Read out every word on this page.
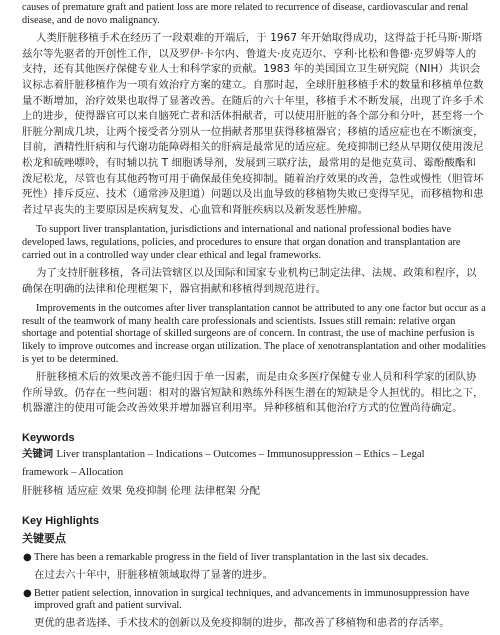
causes of premature graft and patient loss are more related to recurrence of disease, cardiovascular and renal disease, and de novo malignancy.

人类肝脏移植手术在经历了一段艰难的开端后，于 1967 年开始取得成功，这得益于托马斯·斯塔兹尔等先驱者的开创性工作，以及罗伊·卡尔内、鲁道夫·皮克迈尔、亨利·比松和鲁德·克罗姆等人的支持，还有其他医疗保健专业人士和科学家的贡献。1983 年的美国国立卫生研究院（NIH）共识会议标志着肝脏移植作为一项有效治疗方案的建立。自那时起，全球肝脏移植手术的数量和移植单位数量不断增加，治疗效果也取得了显著改善。在随后的六十年里，移植手术不断发展，出现了许多手术上的进步，使得器官可以来自脑死亡者和活体捐献者，可以使用肝脏的各个部分和分叶，甚至将一个肝脏分割成几块，让两个接受者分别从一位捐献者那里获得移植器官；移植的适应症也在不断演变，目前，酒精性肝病和与代谢功能障碍相关的肝病是最常见的适应症。免疫抑制已经从早期仅使用泼尼松龙和硫唑嘌呤，有时辅以抗 T 细胞诱导剂，发展到三联疗法，最常用的是他克莫司、霉酚酸酯和泼尼松龙，尽管也有其他药物可用于确保最佳免疫抑制。随着治疗效果的改善，急性或慢性（胆管坏死性）排斥反应、技术（通常涉及胆道）问题以及出血导致的移植物失败已变得罕见，而移植物和患者过早丧失的主要原因是疾病复发、心血管和肾脏疾病以及新发恶性肿瘤。

To support liver transplantation, jurisdictions and international and national professional bodies have developed laws, regulations, policies, and procedures to ensure that organ donation and transplantation are carried out in a controlled way under clear ethical and legal frameworks.

为了支持肝脏移植，各司法管辖区以及国际和国家专业机构已制定法律、法规、政策和程序，以确保在明确的法律和伦理框架下，器官捐献和移植得到规范进行。

Improvements in the outcomes after liver transplantation cannot be attributed to any one factor but occur as a result of the teamwork of many health care professionals and scientists. Issues still remain: relative organ shortage and potential shortage of skilled surgeons are of concern. In contrast, the use of machine perfusion is likely to improve outcomes and increase organ utilization. The place of xenotransplantation and other modalities is yet to be determined.

肝脏移植术后的效果改善不能归因于单一因素，而是由众多医疗保健专业人员和科学家的团队协作所导致。仍存在一些问题：相对的器官短缺和熟练外科医生潜在的短缺是令人担忧的。相比之下，机器灌注的使用可能会改善效果并增加器官利用率。异种移植和其他治疗方式的位置尚待确定。

Keywords
关键词 Liver transplantation – Indications – Outcomes – Immunosuppression – Ethics – Legal
framework – Allocation
肝脏移植 适应症 效果 免疫抑制 伦理 法律框架 分配
Key Highlights
关键要点
● There has been a remarkable progress in the field of liver transplantation in the last six decades.

在过去六十年中，肝脏移植领域取得了显著的进步。

● Better patient selection, innovation in surgical techniques, and advancements in immunosuppression have improved graft and patient survival.

更优的患者选择、手术技术的创新以及免疫抑制的进步，都改善了移植物和患者的存活率。
